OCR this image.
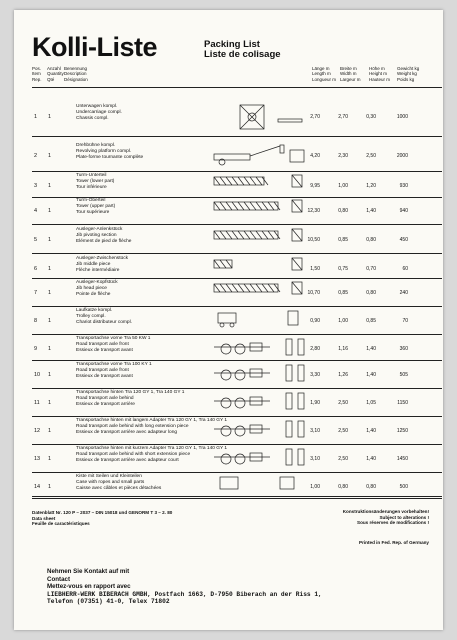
Kolli-Liste	Packing List
Liste de colisage
Pos. Anzahl Benennung
Item Quantity Description
Rep. Qté Désignation
Länge m Breite m	Höhe m	Gewicht kg
Length m Width m	Height m Weight kg
Longueur m Largeur m Hauteur m Poids kg
1 1
Unterwagen kompl.
Undercarriage compl.
Chassis compl.	2,70	2,70	0,30	1000
2 1
Drehbühne kompl.
Revolving platform compl.
Plate-forme tournante complète	4,20	2,30	2,50	2000
3 1
Turm-Unterteil
Tower (lower part)
Tour inférieure	9,95	1,00	1,20	930
4 1
Turm-Oberteil
Tower (upper part)
Tour supérieure	12,30	0,80	1,40	940
5 1
Ausleger-Anlenkstück
Jib pivoting section
Elément de pied de flèche	10,50	0,85	0,80	450
6 1
Ausleger-Zwischenstück
Jib middle piece
Flèche intermédiaire	1,50	0,75	0,70	60
7 1
Ausleger-Kopfstück
Jib head piece
Pointe de flèche	10,70	0,85	0,80	240
8 1
Laufkatze kompl.
Trolley compl.
Chariot distributeur compl.	0,90	1,00	0,85	70
9 1
Transportachse vorne Tra 50 KW 1
Road transport axle front
Essieux de transport avant	2,80	1,16	1,40	360
10 1
Transportachse vorne Tra 100 KY 1
Road transport axle front
Essieux de transport avant	3,30	1,26	1,40	505
11 1
Transportachse hinten Tra 120 GY 1, Tra 140 GY 1
Road transport axle behind
Essieux de transport arrière	1,90	2,50	1,05	1150
12 1
Transportachse hinten mit langem Adapter Tra 120 GY 1, Tra 140 GY 1
Road transport axle behind with long extension piece
Essieux de transport arrière avec adapteur long	3,10	2,50	1,40	1250
13 1
Transportachse hinten mit kurzem Adapter Tra 120 GY 1, Tra 140 GY 1
Road transport axle behind with short extension piece
Essieux de transport arrière avec adapteur court	3,10	2,50	1,40	1450
14 1
Kiste mit Seilen und Kleinteilen
Case with ropes and small parts
Caisse avec câbles et pièces détachées	1,00	0,80	0,80	500
Datenblatt Nr. 120 P – 2037 – DIN 15018 und GENORM T 3 – 2. 80
Data sheet
Feuille de caractéristiques
Konstruktionsänderungen vorbehalten!
Subject to alterations !
Sous réserves de modifications !
Printed in Fed. Rep. of Germany
Nehmen Sie Kontakt auf mit
Contact
Mettez-vous en rapport avec
LIEBHERR-WERK BIBERACH GMBH, Postfach 1663, D-7950 Biberach an der Riss 1,
Telefon (07351) 41-0, Telex 71802
